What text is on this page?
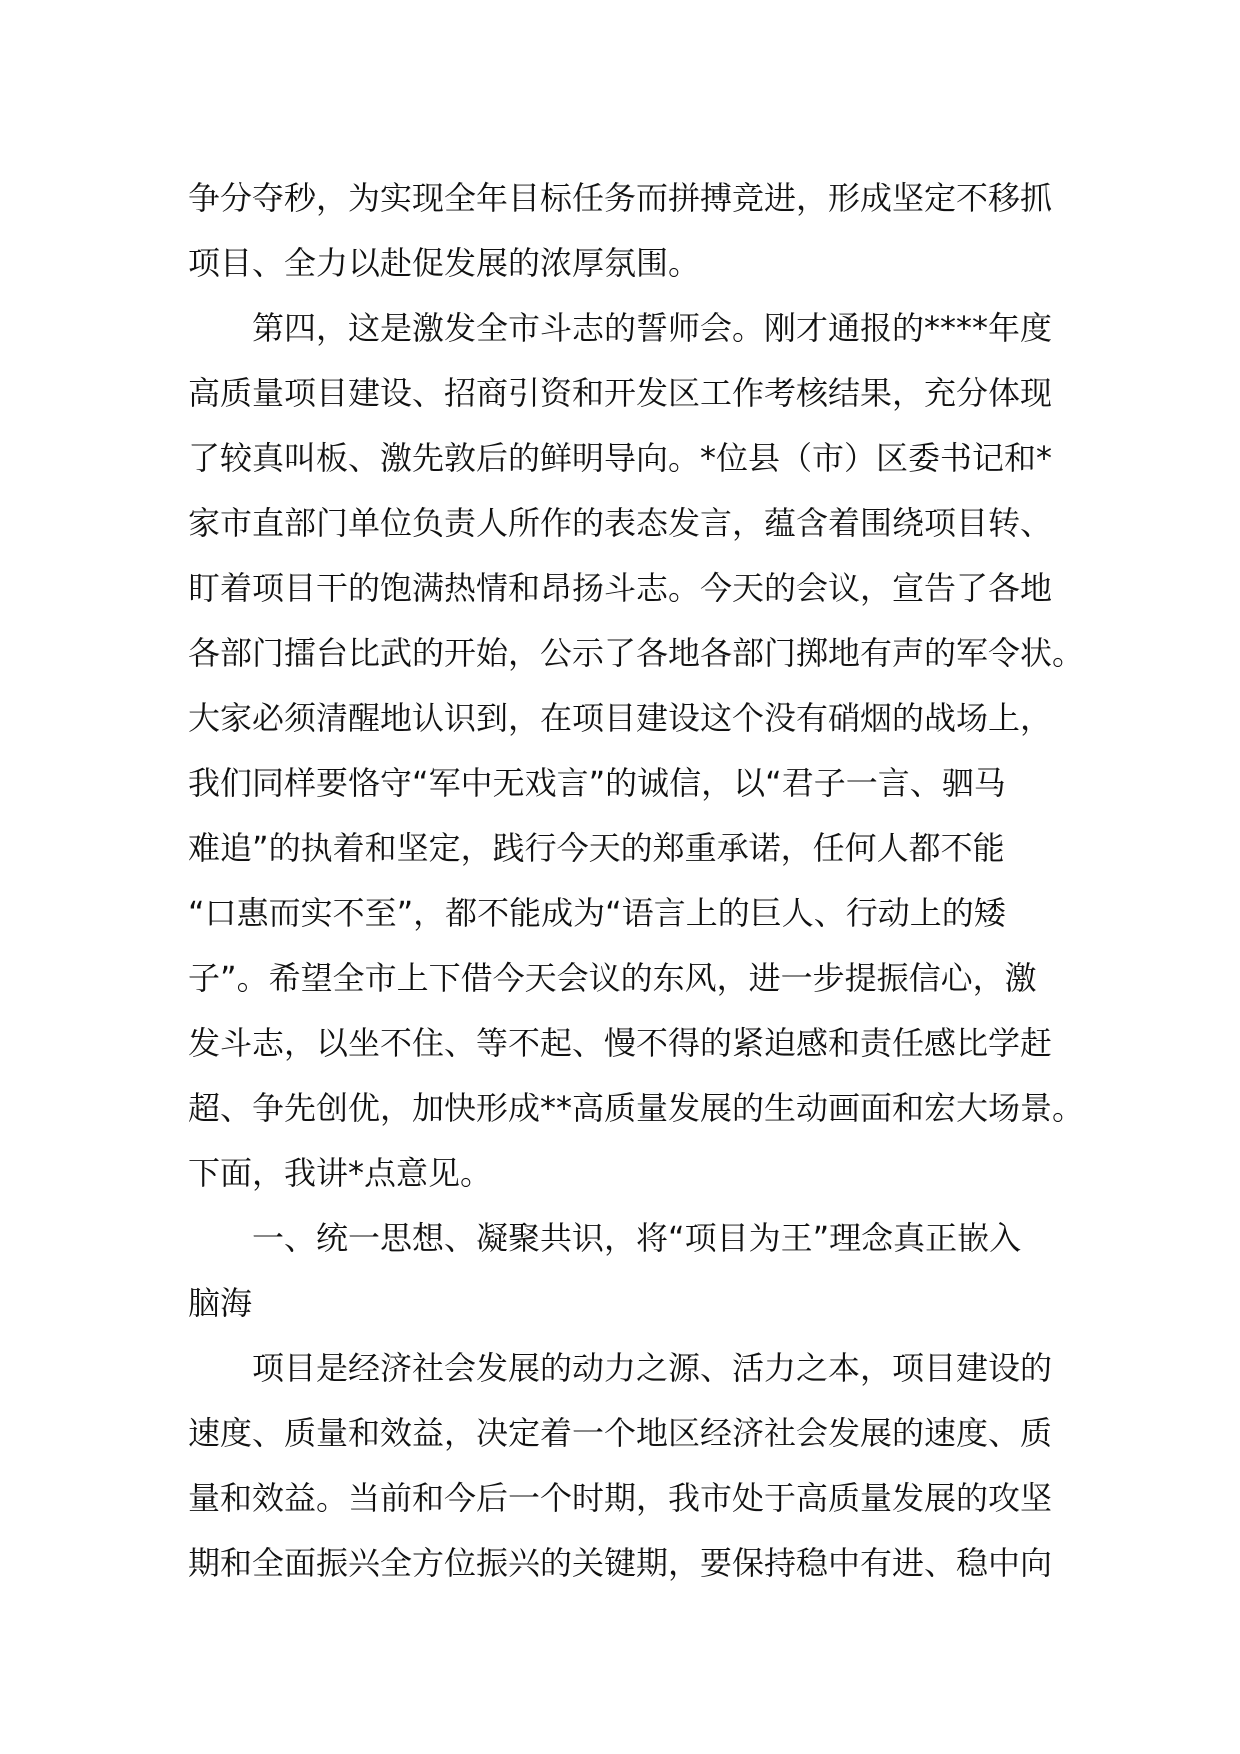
争分夺秒，为实现全年目标任务而拼搏竞进，形成坚定不移抓
项目、全力以赴促发展的浓厚氛围。
第四，这是激发全市斗志的誓师会。刚才通报的****年度
高质量项目建设、招商引资和开发区工作考核结果，充分体现
了较真叫板、激先敦后的鲜明导向。*位县（市）区委书记和*
家市直部门单位负责人所作的表态发言，蕴含着围绕项目转、
盯着项目干的饱满热情和昂扬斗志。今天的会议，宣告了各地
各部门擂台比武的开始，公示了各地各部门掷地有声的军令状。
大家必须清醒地认识到，在项目建设这个没有硝烟的战场上，
我们同样要恪守“军中无戏言”的诚信，以“君子一言、驷马
难追”的执着和坚定，践行今天的郑重承诺，任何人都不能
“口惠而实不至”，都不能成为“语言上的巨人、行动上的矮
子”。希望全市上下借今天会议的东风，进一步提振信心，激
发斗志，以坐不住、等不起、慢不得的紧迫感和责任感比学赶
超、争先创优，加快形成**高质量发展的生动画面和宏大场景。
下面，我讲*点意见。
一、统一思想、凝聚共识，将“项目为王”理念真正嵌入
脑海
项目是经济社会发展的动力之源、活力之本，项目建设的
速度、质量和效益，决定着一个地区经济社会发展的速度、质
量和效益。当前和今后一个时期，我市处于高质量发展的攻坚
期和全面振兴全方位振兴的关键期，要保持稳中有进、稳中向
